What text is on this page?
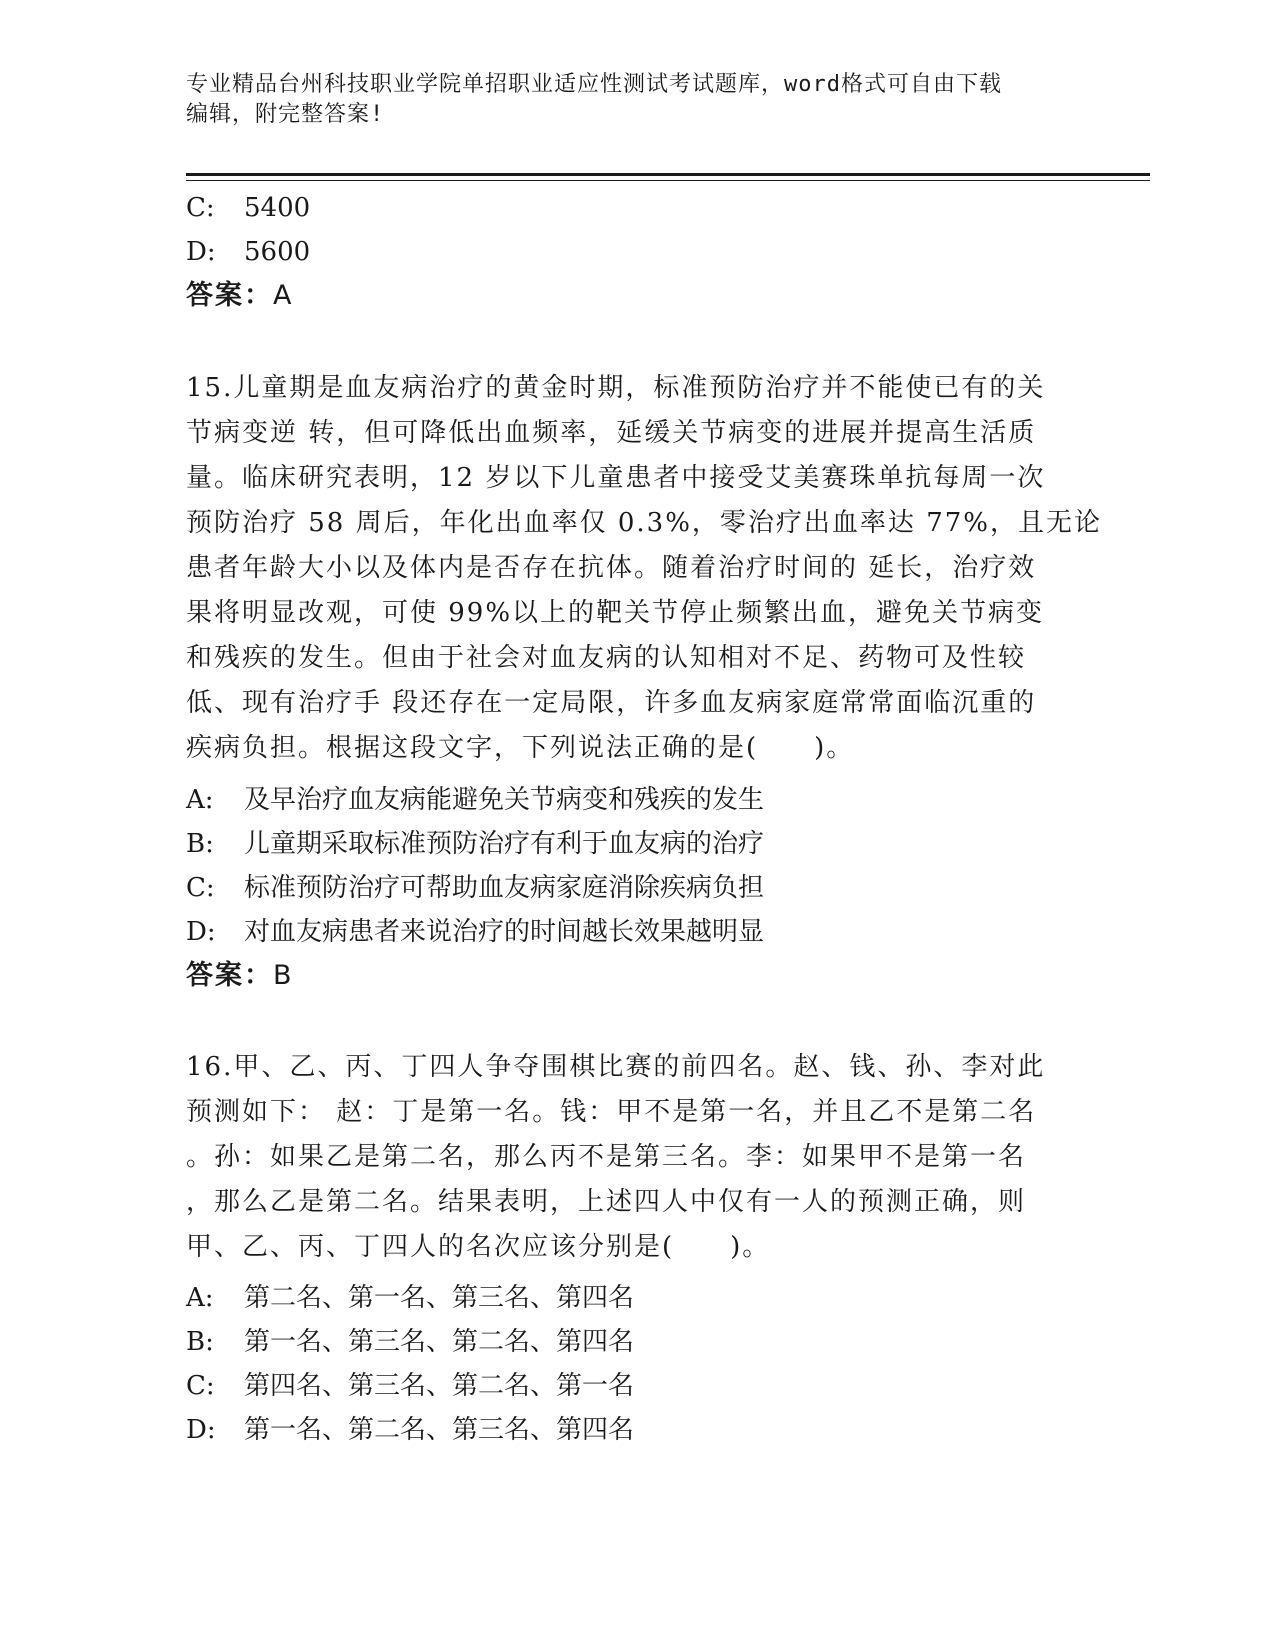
专业精品台州科技职业学院单招职业适应性测试考试题库，word格式可自由下载
编辑，附完整答案!
C: 5400
D: 5600
答案：A
15.儿童期是血友病治疗的黄金时期，标准预防治疗并不能使已有的关
节病变逆 转，但可降低出血频率，延缓关节病变的进展并提高生活质
量。临床研究表明，12 岁以下儿童患者中接受艾美赛珠单抗每周一次
预防治疗 58 周后，年化出血率仅 0.3%，零治疗出血率达 77%，且无论
患者年龄大小以及体内是否存在抗体。随着治疗时间的 延长，治疗效
果将明显改观，可使 99%以上的靶关节停止频繁出血，避免关节病变
和残疾的发生。但由于社会对血友病的认知相对不足、药物可及性较
低、现有治疗手 段还存在一定局限，许多血友病家庭常常面临沉重的
疾病负担。根据这段文字，下列说法正确的是(　　)。
A: 及早治疗血友病能避免关节病变和残疾的发生
B: 儿童期采取标准预防治疗有利于血友病的治疗
C: 标准预防治疗可帮助血友病家庭消除疾病负担
D: 对血友病患者来说治疗的时间越长效果越明显
答案：B
16.甲、乙、丙、丁四人争夺围棋比赛的前四名。赵、钱、孙、李对此
预测如下： 赵：丁是第一名。钱：甲不是第一名，并且乙不是第二名
。孙：如果乙是第二名，那么丙不是第三名。李：如果甲不是第一名
，那么乙是第二名。结果表明，上述四人中仅有一人的预测正确，则
甲、乙、丙、丁四人的名次应该分别是(　　)。
A: 第二名、第一名、第三名、第四名
B: 第一名、第三名、第二名、第四名
C: 第四名、第三名、第二名、第一名
D: 第一名、第二名、第三名、第四名
